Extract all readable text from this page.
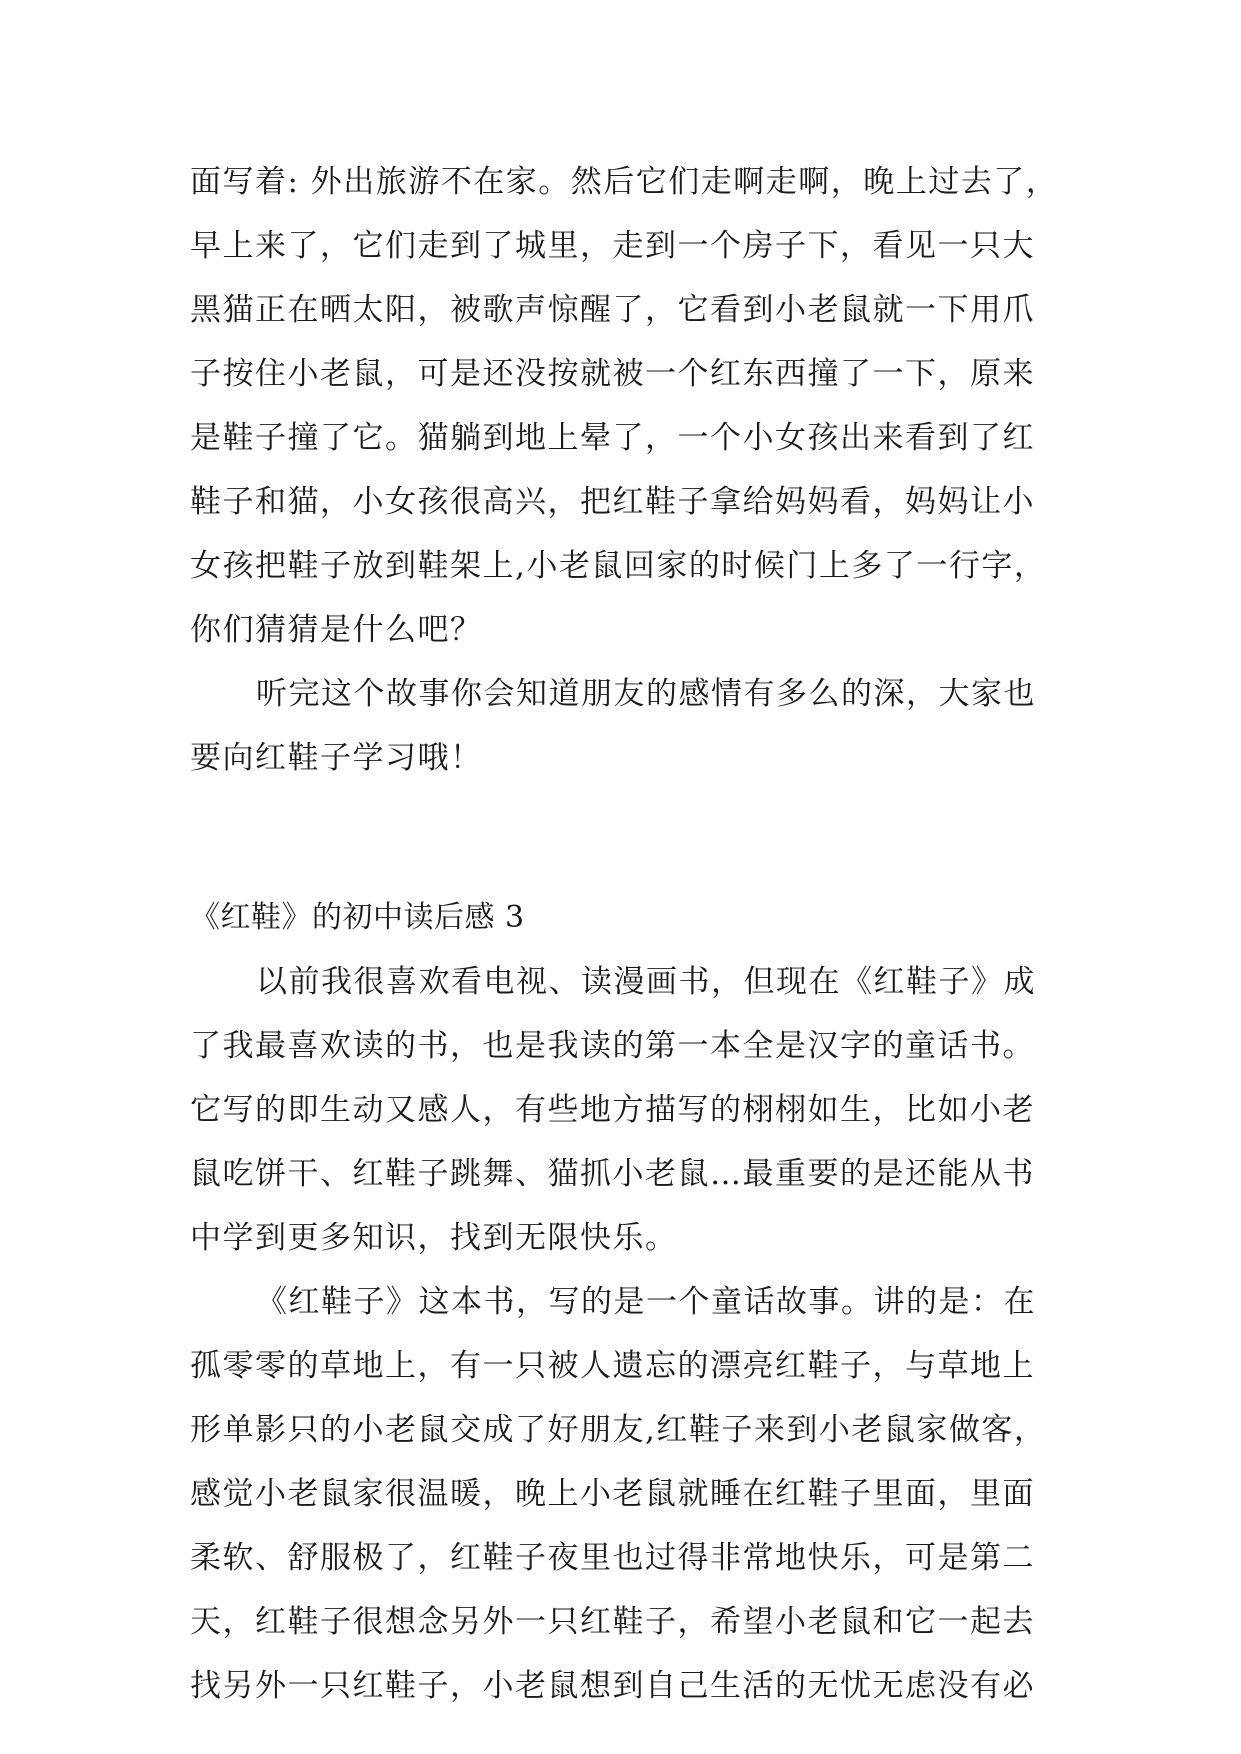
面写着: 外出旅游不在家。然后它们走啊走啊，晚上过去了，
早上来了，它们走到了城里，走到一个房子下，看见一只大
黑猫正在晒太阳，被歌声惊醒了，它看到小老鼠就一下用爪
子按住小老鼠，可是还没按就被一个红东西撞了一下，原来
是鞋子撞了它。猫躺到地上晕了，一个小女孩出来看到了红
鞋子和猫，小女孩很高兴，把红鞋子拿给妈妈看，妈妈让小
女孩把鞋子放到鞋架上,小老鼠回家的时候门上多了一行字，
你们猜猜是什么吧？
听完这个故事你会知道朋友的感情有多么的深，大家也
要向红鞋子学习哦！
《红鞋》的初中读后感 3
以前我很喜欢看电视、读漫画书，但现在《红鞋子》成
了我最喜欢读的书，也是我读的第一本全是汉字的童话书。
它写的即生动又感人，有些地方描写的栩栩如生，比如小老
鼠吃饼干、红鞋子跳舞、猫抓小老鼠…最重要的是还能从书
中学到更多知识，找到无限快乐。
《红鞋子》这本书，写的是一个童话故事。讲的是：在
孤零零的草地上，有一只被人遗忘的漂亮红鞋子，与草地上
形单影只的小老鼠交成了好朋友,红鞋子来到小老鼠家做客，
感觉小老鼠家很温暖，晚上小老鼠就睡在红鞋子里面，里面
柔软、舒服极了，红鞋子夜里也过得非常地快乐，可是第二
天，红鞋子很想念另外一只红鞋子，希望小老鼠和它一起去
找另外一只红鞋子，小老鼠想到自己生活的无忧无虑没有必
